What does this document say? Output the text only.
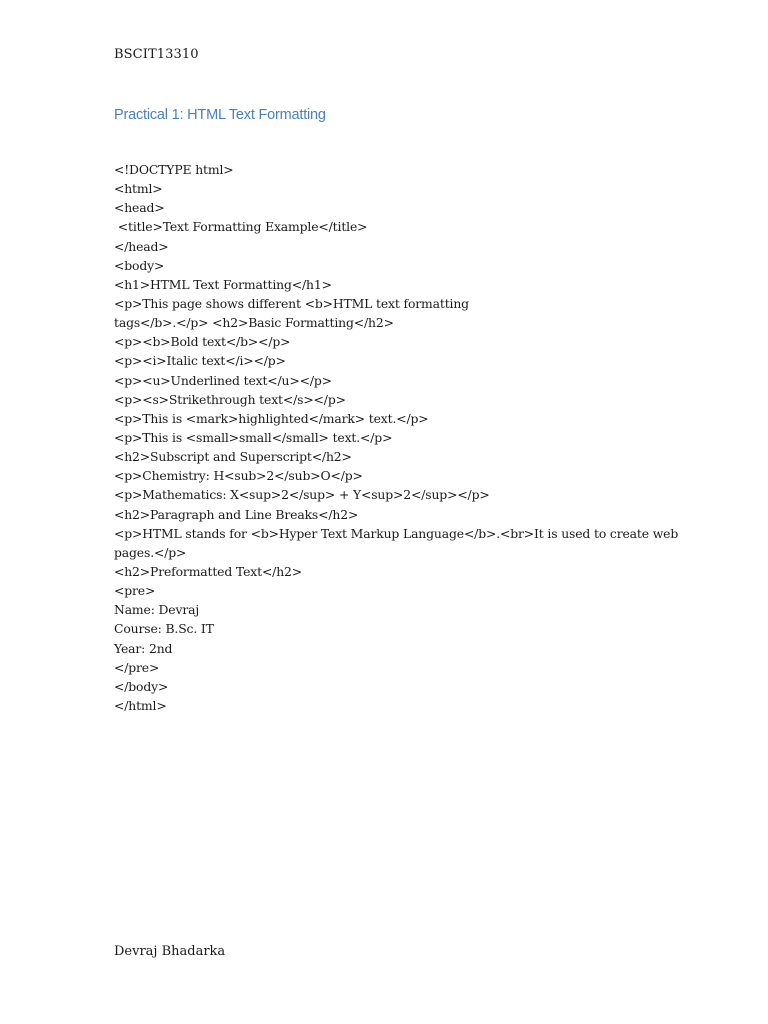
BSCIT13310
Practical 1: HTML Text Formatting
<!DOCTYPE html>
<html>
<head>
<title>Text Formatting Example</title>
</head>
<body>
<h1>HTML Text Formatting</h1>
<p>This page shows different <b>HTML text formatting
tags</b>.</p> <h2>Basic Formatting</h2>
<p><b>Bold text</b></p>
<p><i>Italic text</i></p>
<p><u>Underlined text</u></p>
<p><s>Strikethrough text</s></p>
<p>This is <mark>highlighted</mark> text.</p>
<p>This is <small>small</small> text.</p>
<h2>Subscript and Superscript</h2>
<p>Chemistry: H<sub>2</sub>O</p>
<p>Mathematics: X<sup>2</sup> + Y<sup>2</sup></p>
<h2>Paragraph and Line Breaks</h2>
<p>HTML stands for <b>Hyper Text Markup Language</b>.<br>It is used to create web
pages.</p>
<h2>Preformatted Text</h2>
<pre>
Name: Devraj
Course: B.Sc. IT
Year: 2nd
</pre>
</body>
</html>
Devraj Bhadarka
